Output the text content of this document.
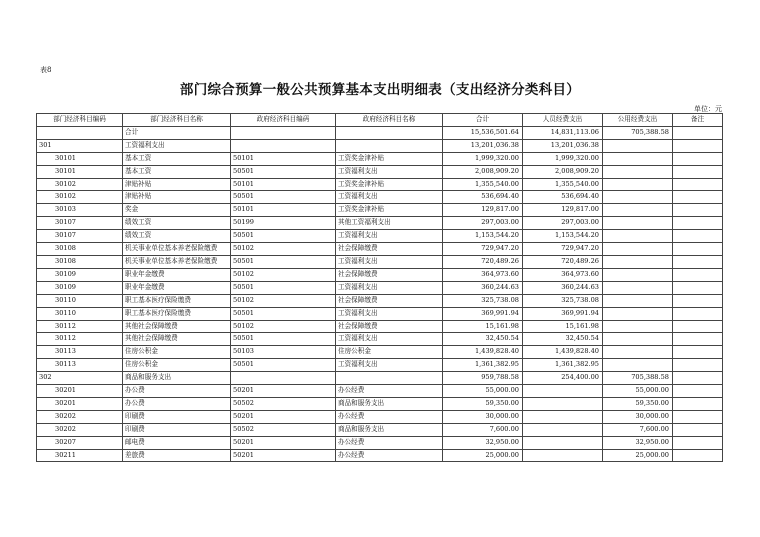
表8
部门综合预算一般公共预算基本支出明细表（支出经济分类科目）
单位：元
部门经济科目编码	部门经济科目名称	政府经济科目编码	政府经济科目名称	合计	人员经费支出	公用经费支出	备注
	合计			15,536,501.64	14,831,113.06	705,388.58	
301	工资福利支出			13,201,036.38	13,201,036.38		
30101	基本工资	50101	工资奖金津补贴	1,999,320.00	1,999,320.00		
30101	基本工资	50501	工资福利支出	2,008,909.20	2,008,909.20		
30102	津贴补贴	50101	工资奖金津补贴	1,355,540.00	1,355,540.00		
30102	津贴补贴	50501	工资福利支出	536,694.40	536,694.40		
30103	奖金	50101	工资奖金津补贴	129,817.00	129,817.00		
30107	绩效工资	50199	其他工资福利支出	297,003.00	297,003.00		
30107	绩效工资	50501	工资福利支出	1,153,544.20	1,153,544.20		
30108	机关事业单位基本养老保险缴费	50102	社会保障缴费	729,947.20	729,947.20		
30108	机关事业单位基本养老保险缴费	50501	工资福利支出	720,489.26	720,489.26		
30109	职业年金缴费	50102	社会保障缴费	364,973.60	364,973.60		
30109	职业年金缴费	50501	工资福利支出	360,244.63	360,244.63		
30110	职工基本医疗保险缴费	50102	社会保障缴费	325,738.08	325,738.08		
30110	职工基本医疗保险缴费	50501	工资福利支出	369,991.94	369,991.94		
30112	其他社会保障缴费	50102	社会保障缴费	15,161.98	15,161.98		
30112	其他社会保障缴费	50501	工资福利支出	32,450.54	32,450.54		
30113	住房公积金	50103	住房公积金	1,439,828.40	1,439,828.40		
30113	住房公积金	50501	工资福利支出	1,361,382.95	1,361,382.95		
302	商品和服务支出			959,788.58	254,400.00	705,388.58	
30201	办公费	50201	办公经费	55,000.00		55,000.00	
30201	办公费	50502	商品和服务支出	59,350.00		59,350.00	
30202	印刷费	50201	办公经费	30,000.00		30,000.00	
30202	印刷费	50502	商品和服务支出	7,600.00		7,600.00	
30207	邮电费	50201	办公经费	32,950.00		32,950.00	
30211	差旅费	50201	办公经费	25,000.00		25,000.00	
